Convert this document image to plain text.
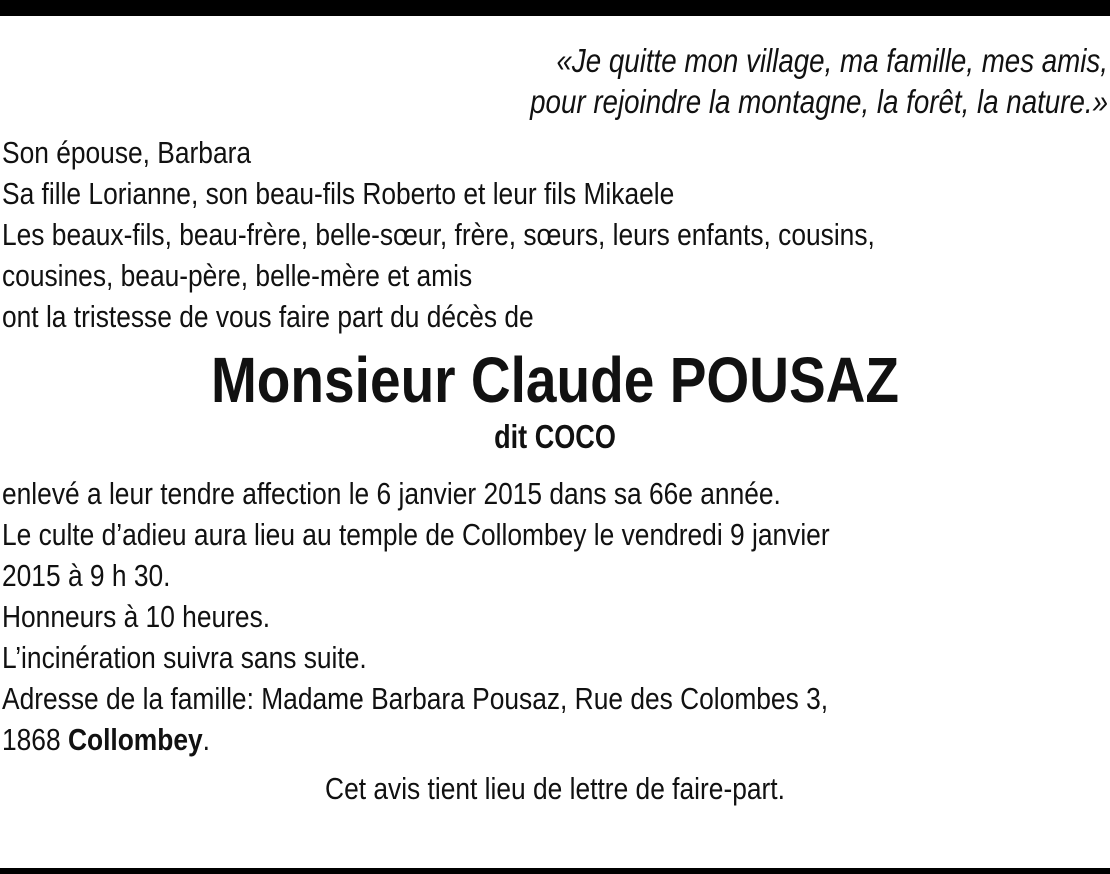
«Je quitte mon village, ma famille, mes amis,
pour rejoindre la montagne, la forêt, la nature.»
Son épouse, Barbara
Sa fille Lorianne, son beau-fils Roberto et leur fils Mikaele
Les beaux-fils, beau-frère, belle-sœur, frère, sœurs, leurs enfants, cousins,
cousines, beau-père, belle-mère et amis
ont la tristesse de vous faire part du décès de
Monsieur Claude POUSAZ
dit COCO
enlevé a leur tendre affection le 6 janvier 2015 dans sa 66e année.
Le culte d’adieu aura lieu au temple de Collombey le vendredi 9 janvier
2015 à 9 h 30.
Honneurs à 10 heures.
L’incinération suivra sans suite.
Adresse de la famille: Madame Barbara Pousaz, Rue des Colombes 3,
1868 Collombey.
Cet avis tient lieu de lettre de faire-part.
